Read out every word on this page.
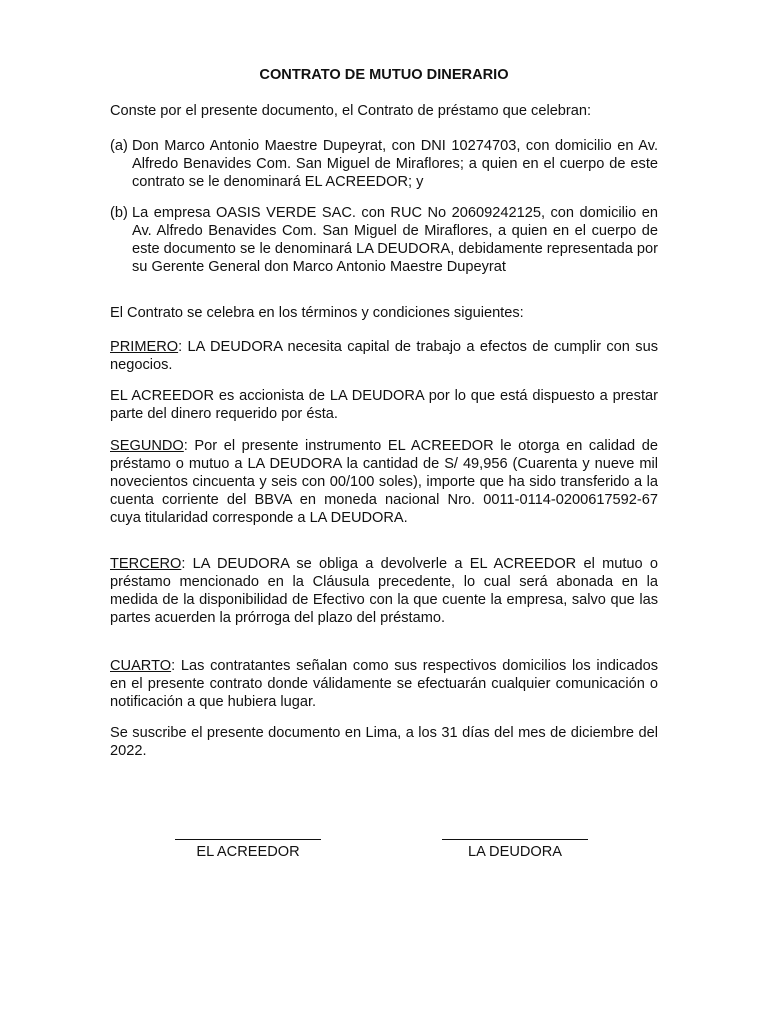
CONTRATO DE MUTUO DINERARIO

Conste por el presente documento, el Contrato de préstamo que celebran:

(a) Don Marco Antonio Maestre Dupeyrat, con DNI 10274703, con domicilio en Av. Alfredo Benavides Com. San Miguel de Miraflores; a quien en el cuerpo de este contrato se le denominará EL ACREEDOR; y
(b) La empresa OASIS VERDE SAC. con RUC No 20609242125, con domicilio en Av. Alfredo Benavides Com. San Miguel de Miraflores, a quien en el cuerpo de este documento se le denominará LA DEUDORA, debidamente representada por su Gerente General don Marco Antonio Maestre Dupeyrat

El Contrato se celebra en los términos y condiciones siguientes:

PRIMERO: LA DEUDORA necesita capital de trabajo a efectos de cumplir con sus negocios.

EL ACREEDOR es accionista de LA DEUDORA por lo que está dispuesto a prestar parte del dinero requerido por ésta.

SEGUNDO: Por el presente instrumento EL ACREEDOR le otorga en calidad de préstamo o mutuo a LA DEUDORA la cantidad de S/ 49,956 (Cuarenta y nueve mil novecientos cincuenta y seis con 00/100 soles), importe que ha sido transferido a la cuenta corriente del BBVA en moneda nacional Nro. 0011-0114-0200617592-67 cuya titularidad corresponde a LA DEUDORA.

TERCERO: LA DEUDORA se obliga a devolverle a EL ACREEDOR el mutuo o préstamo mencionado en la Cláusula precedente, lo cual será abonada en la medida de la disponibilidad de Efectivo con la que cuente la empresa, salvo que las partes acuerden la prórroga del plazo del préstamo.

CUARTO: Las contratantes señalan como sus respectivos domicilios los indicados en el presente contrato donde válidamente se efectuarán cualquier comunicación o notificación a que hubiera lugar.

Se suscribe el presente documento en Lima, a los 31 días del mes de diciembre del 2022.

EL ACREEDOR	LA DEUDORA
